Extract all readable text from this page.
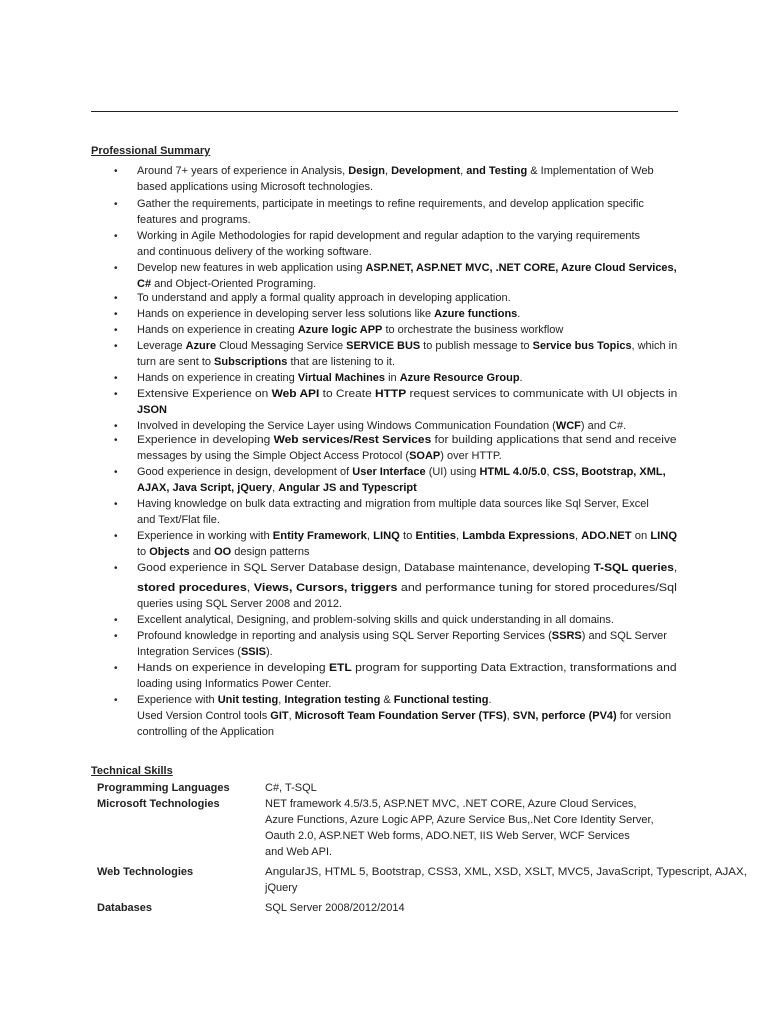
Professional Summary
• Around 7+ years of experience in Analysis, Design, Development, and Testing & Implementation of Web
based applications using Microsoft technologies.
• Gather the requirements, participate in meetings to refine requirements, and develop application specific
features and programs.
• Working in Agile Methodologies for rapid development and regular adaption to the varying requirements
and continuous delivery of the working software.
• Develop new features in web application using ASP.NET, ASP.NET MVC, .NET CORE, Azure Cloud Services,
C# and Object-Oriented Programing.
• To understand and apply a formal quality approach in developing application.
• Hands on experience in developing server less solutions like Azure functions.
• Hands on experience in creating Azure logic APP to orchestrate the business workflow
• Leverage Azure Cloud Messaging Service SERVICE BUS to publish message to Service bus Topics, which in
turn are sent to Subscriptions that are listening to it.
• Hands on experience in creating Virtual Machines in Azure Resource Group.
• Extensive Experience on Web API to Create HTTP request services to communicate with UI objects in
JSON
• Involved in developing the Service Layer using Windows Communication Foundation (WCF) and C#.
• Experience in developing Web services/Rest Services for building applications that send and receive
messages by using the Simple Object Access Protocol (SOAP) over HTTP.
• Good experience in design, development of User Interface (UI) using HTML 4.0/5.0, CSS, Bootstrap, XML,
AJAX, Java Script, jQuery, Angular JS and Typescript
• Having knowledge on bulk data extracting and migration from multiple data sources like Sql Server, Excel
and Text/Flat file.
• Experience in working with Entity Framework, LINQ to Entities, Lambda Expressions, ADO.NET on LINQ
to Objects and OO design patterns
• Good experience in SQL Server Database design, Database maintenance, developing T-SQL queries,
stored procedures, Views, Cursors, triggers and performance tuning for stored procedures/Sql
queries using SQL Server 2008 and 2012.
• Excellent analytical, Designing, and problem-solving skills and quick understanding in all domains.
• Profound knowledge in reporting and analysis using SQL Server Reporting Services (SSRS) and SQL Server
Integration Services (SSIS).
• Hands on experience in developing ETL program for supporting Data Extraction, transformations and
loading using Informatics Power Center.
• Experience with Unit testing, Integration testing & Functional testing.
Used Version Control tools GIT, Microsoft Team Foundation Server (TFS), SVN, perforce (PV4) for version
controlling of the Application
Technical Skills
Programming Languages	C#, T-SQL
Microsoft Technologies	NET framework 4.5/3.5, ASP.NET MVC, .NET CORE, Azure Cloud Services,
Azure Functions, Azure Logic APP, Azure Service Bus,.Net Core Identity Server,
Oauth 2.0, ASP.NET Web forms, ADO.NET, IIS Web Server, WCF Services
and Web API.
Web Technologies	AngularJS, HTML 5, Bootstrap, CSS3, XML, XSD, XSLT, MVC5, JavaScript, Typescript, AJAX,
jQuery
Databases	SQL Server 2008/2012/2014
